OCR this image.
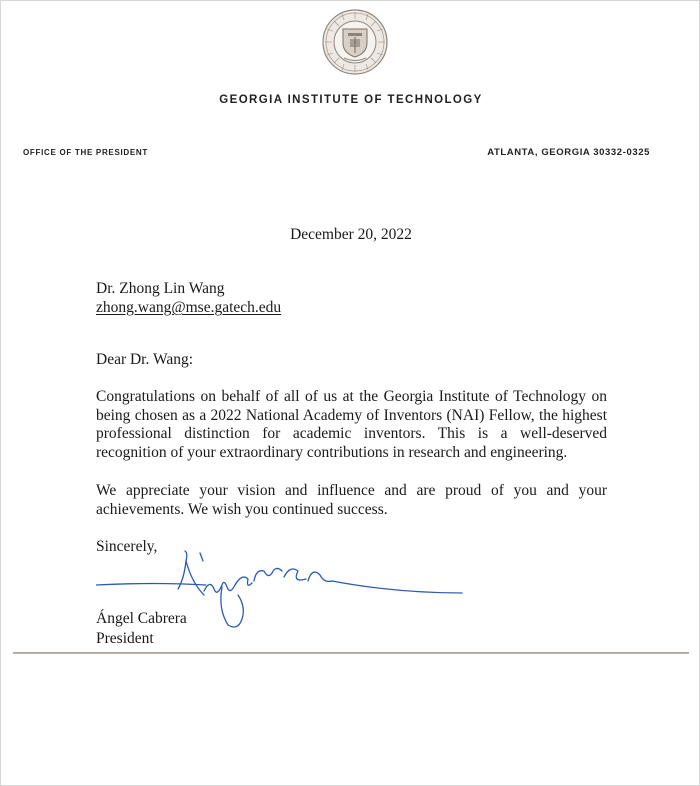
GEORGIA INSTITUTE OF TECHNOLOGY
OFFICE OF THE PRESIDENT	ATLANTA, GEORGIA 30332-0325
December 20, 2022
Dr. Zhong Lin Wang
zhong.wang@mse.gatech.edu
Dear Dr. Wang:

Congratulations on behalf of all of us at the Georgia Institute of Technology on being chosen as a 2022 National Academy of Inventors (NAI) Fellow, the highest professional distinction for academic inventors. This is a well-deserved recognition of your extraordinary contributions in research and engineering.

We appreciate your vision and influence and are proud of you and your achievements. We wish you continued success.

Sincerely,
Ángel Cabrera
President
